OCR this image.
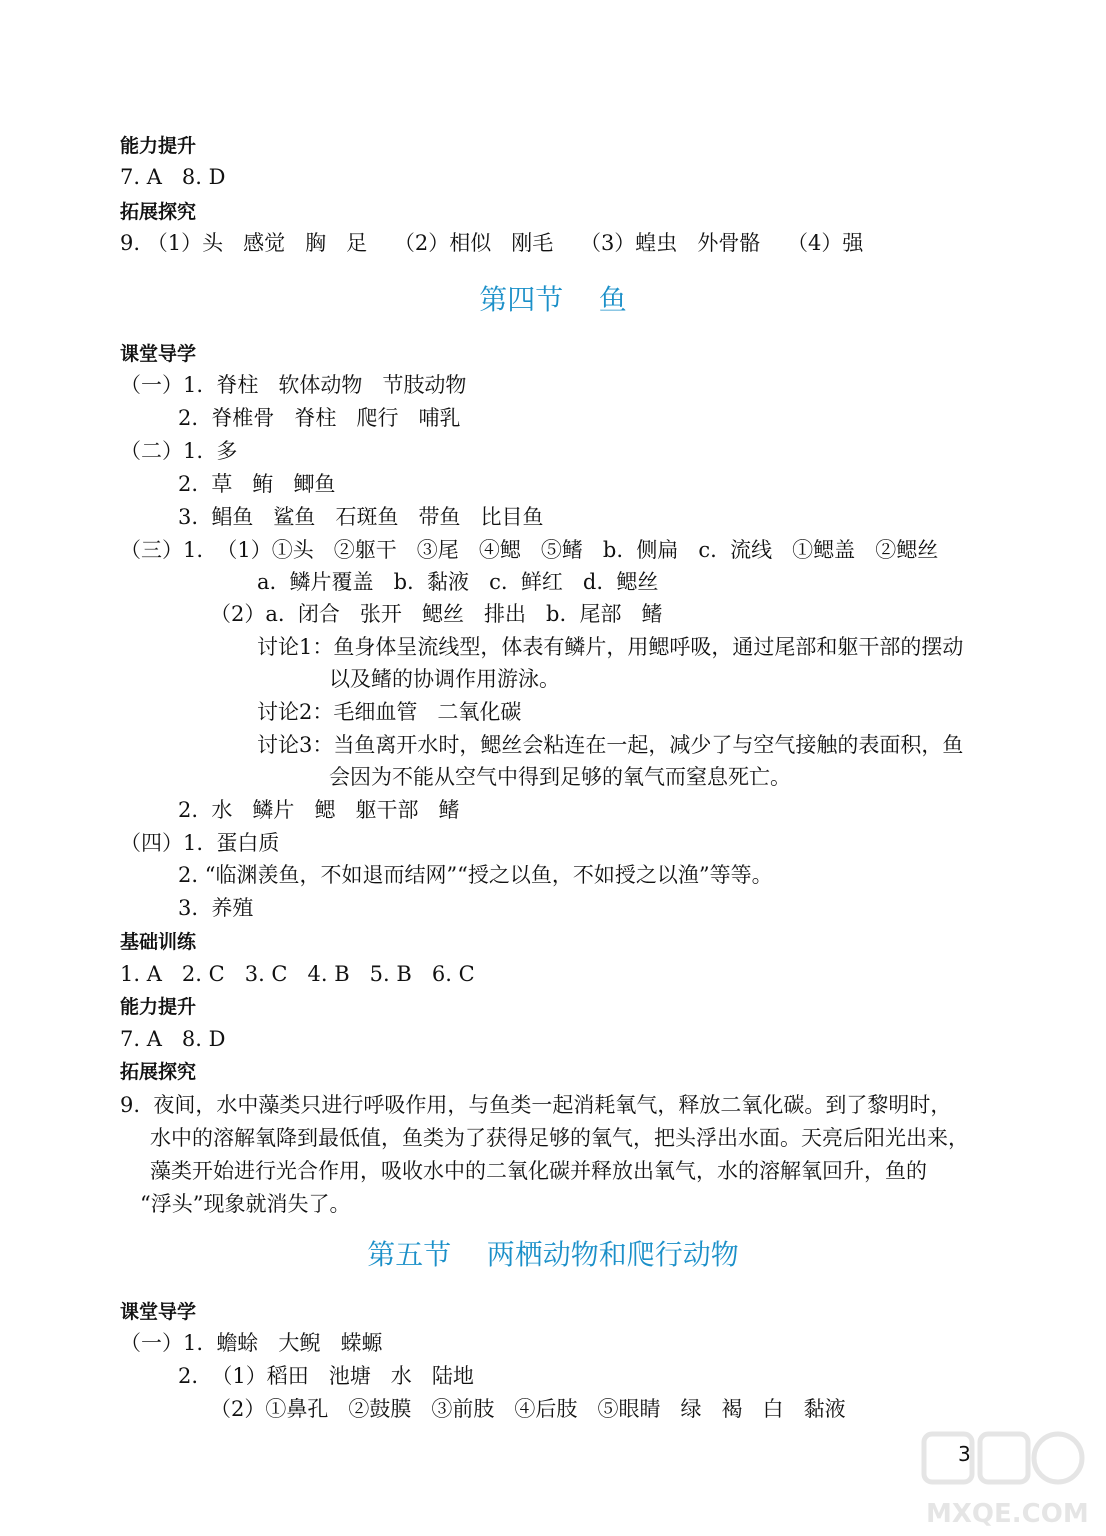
能力提升
7. A   8. D
拓展探究
9. （1）头   感觉   胸   足    （2）相似   刚毛    （3）蝗虫   外骨骼    （4）强
第四节    鱼
课堂导学
（一）1.  脊柱   软体动物   节肢动物
2.  脊椎骨   脊柱   爬行   哺乳
（二）1.  多
2.  草   鲔   鲫鱼
3.  鲳鱼   鲨鱼   石斑鱼   带鱼   比目鱼
（三）1.  （1）①头   ②躯干   ③尾   ④鳃   ⑤鳍   b.  侧扁   c.  流线   ①鳃盖   ②鳃丝
a.  鳞片覆盖   b.  黏液   c.  鲜红   d.  鳃丝
（2）a.  闭合   张开   鳃丝   排出   b.  尾部   鳍
讨论1：鱼身体呈流线型，体表有鳞片，用鳃呼吸，通过尾部和躯干部的摆动
以及鳍的协调作用游泳。
讨论2：毛细血管   二氧化碳
讨论3：当鱼离开水时，鳃丝会粘连在一起，减少了与空气接触的表面积，鱼
会因为不能从空气中得到足够的氧气而窒息死亡。
2.  水   鳞片   鳃   躯干部   鳍
（四）1.  蛋白质
2. “临渊羡鱼，不如退而结网”“授之以鱼，不如授之以渔”等等。
3.  养殖
基础训练
1. A   2. C   3. C   4. B   5. B   6. C
能力提升
7. A   8. D
拓展探究
9.  夜间，水中藻类只进行呼吸作用，与鱼类一起消耗氧气，释放二氧化碳。到了黎明时，
水中的溶解氧降到最低值，鱼类为了获得足够的氧气，把头浮出水面。天亮后阳光出来，
藻类开始进行光合作用，吸收水中的二氧化碳并释放出氧气，水的溶解氧回升，鱼的
“浮头”现象就消失了。
第五节    两栖动物和爬行动物
课堂导学
（一）1.  蟾蜍   大鲵   蝾螈
2.  （1）稻田   池塘   水   陆地
（2）①鼻孔   ②鼓膜   ③前肢   ④后肢   ⑤眼睛   绿   褐   白   黏液
3
MXQE.COM
